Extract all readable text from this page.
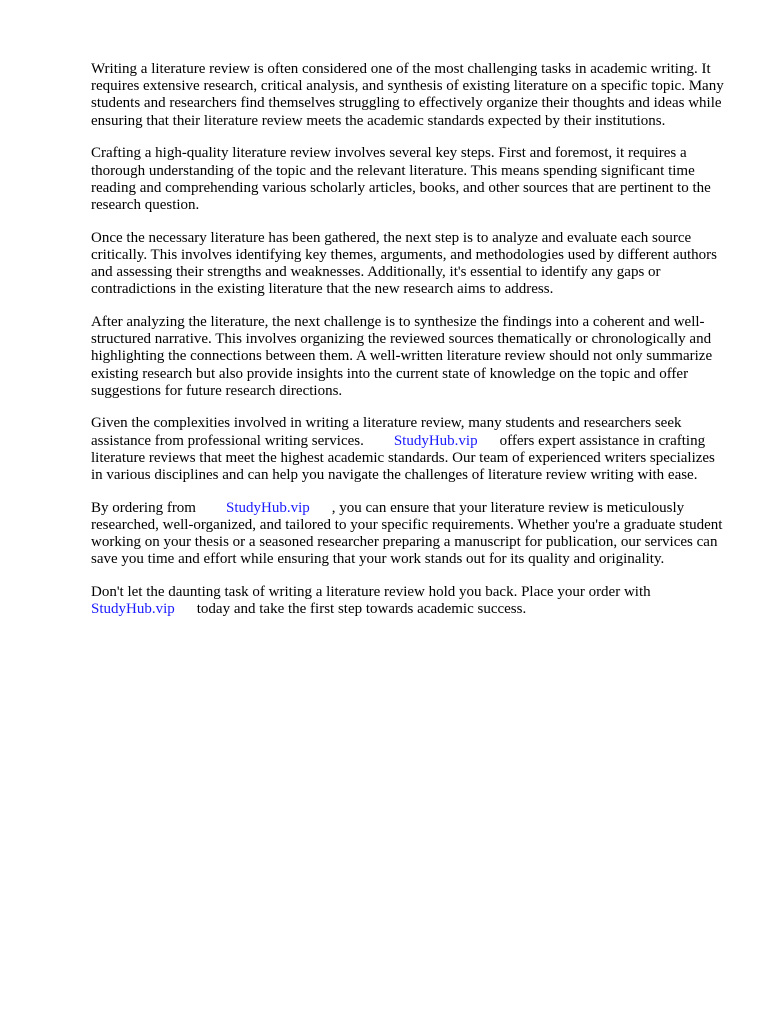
Writing a literature review is often considered one of the most challenging tasks in academic writing. It requires extensive research, critical analysis, and synthesis of existing literature on a specific topic. Many students and researchers find themselves struggling to effectively organize their thoughts and ideas while ensuring that their literature review meets the academic standards expected by their institutions.

Crafting a high-quality literature review involves several key steps. First and foremost, it requires a thorough understanding of the topic and the relevant literature. This means spending significant time reading and comprehending various scholarly articles, books, and other sources that are pertinent to the research question.

Once the necessary literature has been gathered, the next step is to analyze and evaluate each source critically. This involves identifying key themes, arguments, and methodologies used by different authors and assessing their strengths and weaknesses. Additionally, it's essential to identify any gaps or contradictions in the existing literature that the new research aims to address.

After analyzing the literature, the next challenge is to synthesize the findings into a coherent and well-structured narrative. This involves organizing the reviewed sources thematically or chronologically and highlighting the connections between them. A well-written literature review should not only summarize existing research but also provide insights into the current state of knowledge on the topic and offer suggestions for future research directions.

Given the complexities involved in writing a literature review, many students and researchers seek assistance from professional writing services. StudyHub.vip offers expert assistance in crafting literature reviews that meet the highest academic standards. Our team of experienced writers specializes in various disciplines and can help you navigate the challenges of literature review writing with ease.

By ordering from StudyHub.vip , you can ensure that your literature review is meticulously researched, well-organized, and tailored to your specific requirements. Whether you're a graduate student working on your thesis or a seasoned researcher preparing a manuscript for publication, our services can save you time and effort while ensuring that your work stands out for its quality and originality.

Don't let the daunting task of writing a literature review hold you back. Place your order with StudyHub.vip today and take the first step towards academic success.
